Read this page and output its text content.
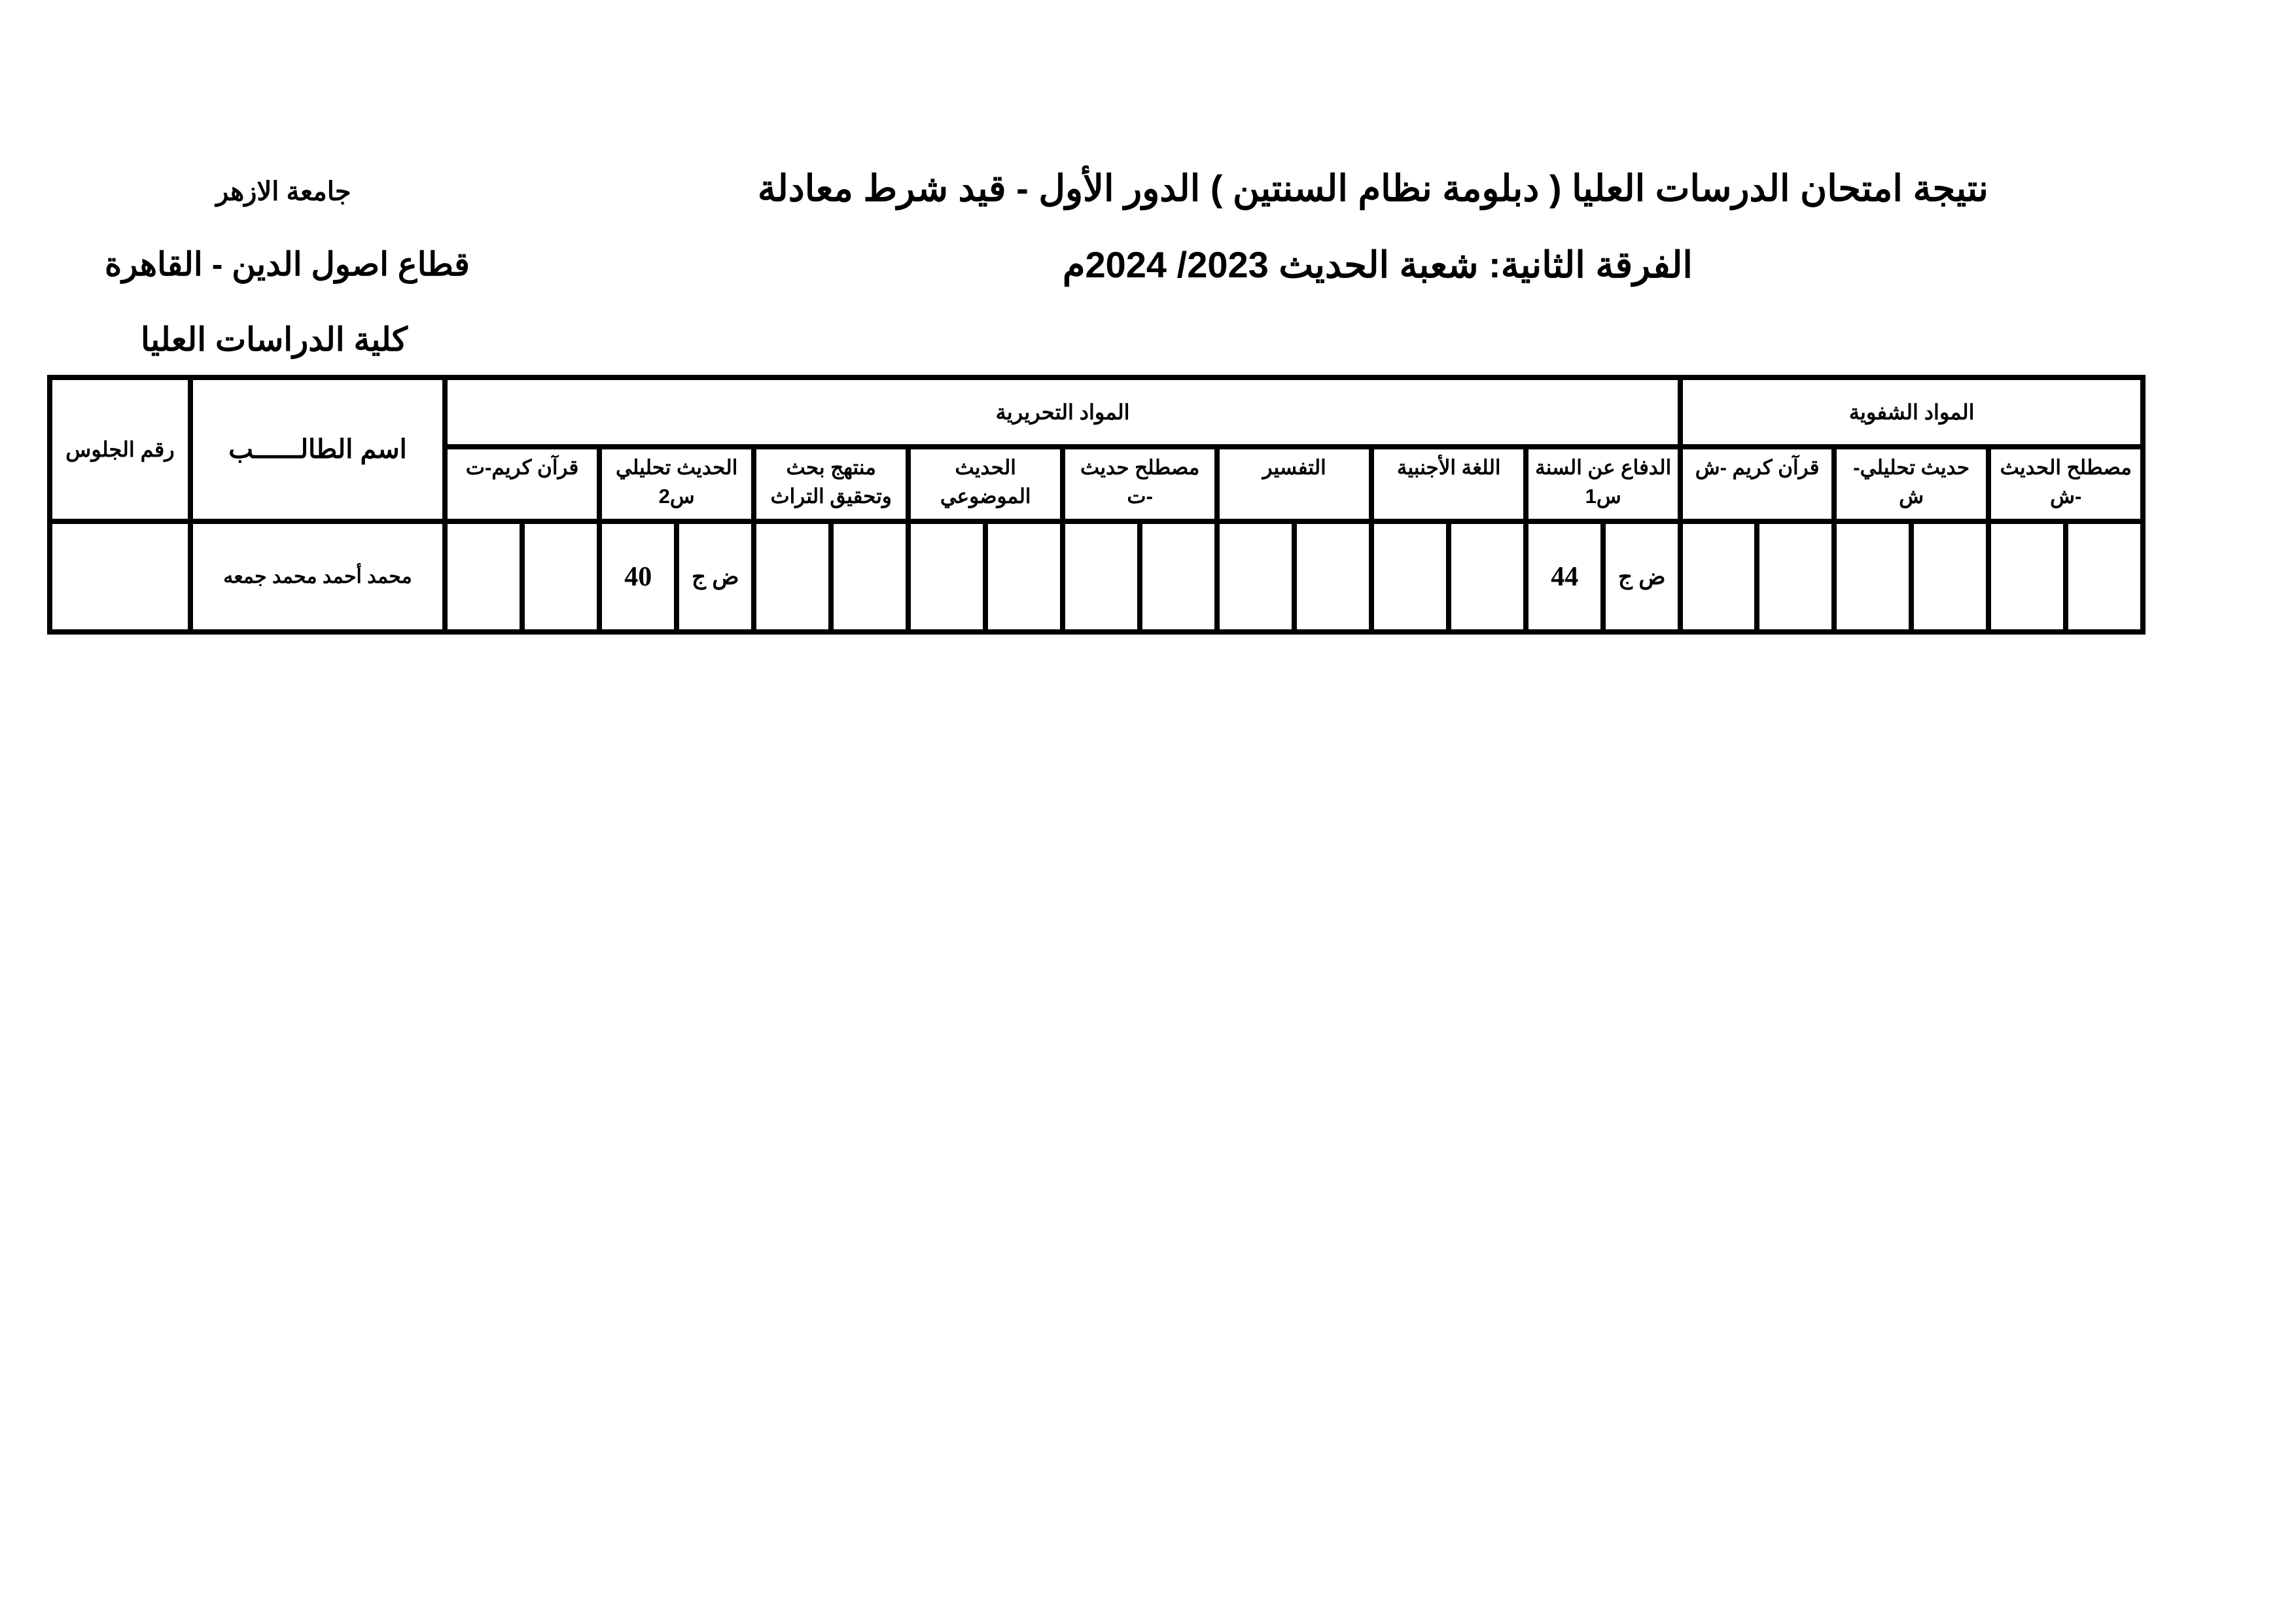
نتيجة امتحان الدرسات العليا ( دبلومة نظام السنتين ) الدور الأول - قيد شرط معادلة
الفرقة الثانية: شعبة الحديث 2023/ 2024م
جامعة الازهر
قطاع اصول الدين - القاهرة
كلية الدراسات العليا
المواد الشفوية						المواد التحريرية																اسم الطالــــــب	رقم الجلوس
مصطلح الحديث -ش		حديث تحليلي- ش		قرآن كريم -ش		الدفاع عن السنة س1		اللغة الأجنبية		التفسير		مصطلح حديث -ت		الحديث الموضوعي		منتهج بحث وتحقيق التراث		الحديث تحليلي س2		قرآن كريم-ت			
						ض ج	44											ض ج	40			محمد أحمد محمد جمعه	
